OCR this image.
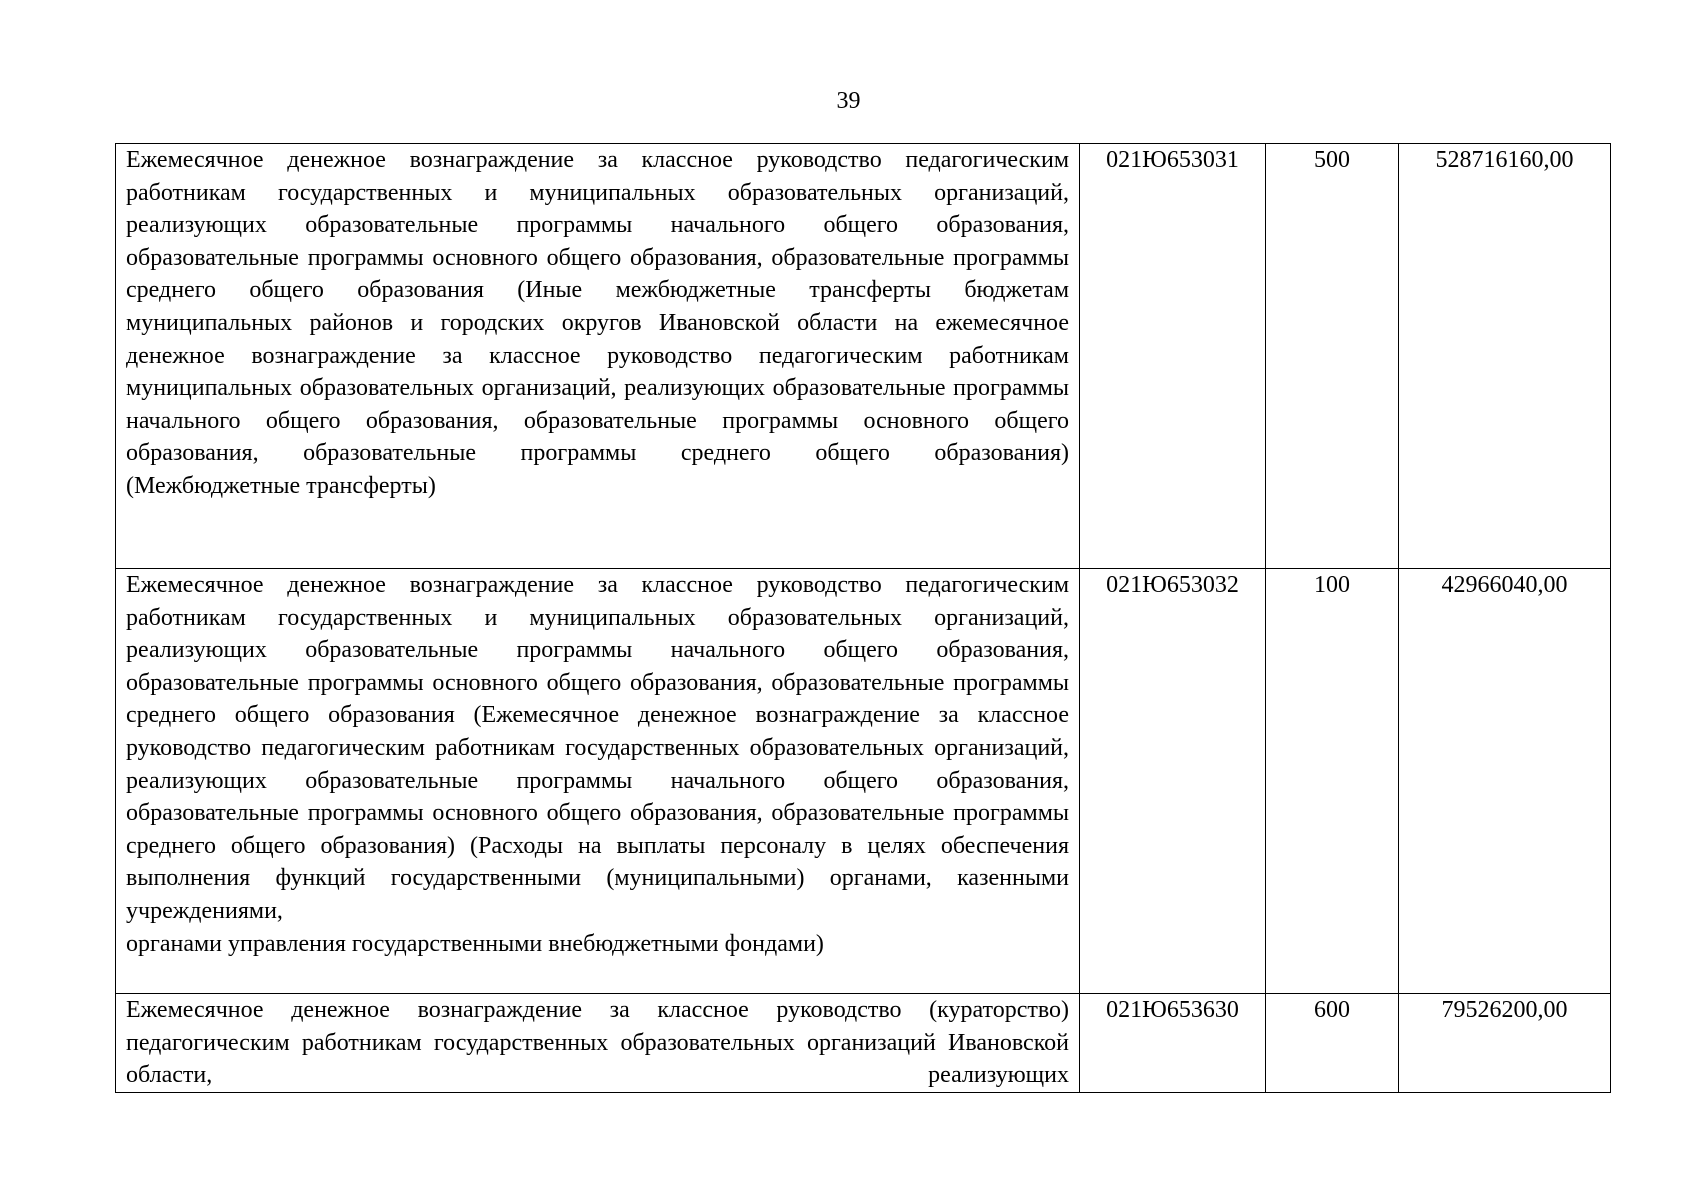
39
Ежемесячное денежное вознаграждение за классное руководство педагогическим работникам государственных и муниципальных образовательных организаций, реализующих образовательные программы начального общего образования, образовательные программы основного общего образования, образовательные программы среднего общего образования (Иные межбюджетные трансферты бюджетам муниципальных районов и городских округов Ивановской области на ежемесячное денежное вознаграждение за классное руководство педагогическим работникам муниципальных образовательных организаций, реализующих образовательные программы начального общего образования, образовательные программы основного общего образования, образовательные программы среднего общего образования)
(Межбюджетные трансферты)	021Ю653031	500	528716160,00
Ежемесячное денежное вознаграждение за классное руководство педагогическим работникам государственных и муниципальных образовательных организаций, реализующих образовательные программы начального общего образования, образовательные программы основного общего образования, образовательные программы среднего общего образования (Ежемесячное денежное вознаграждение за классное руководство педагогическим работникам государственных образовательных организаций, реализующих образовательные программы начального общего образования, образовательные программы основного общего образования, образовательные программы среднего общего образования) (Расходы на выплаты персоналу в целях обеспечения выполнения функций государственными (муниципальными) органами, казенными учреждениями,
органами управления государственными внебюджетными фондами)	021Ю653032	100	42966040,00
Ежемесячное денежное вознаграждение за классное руководство (кураторство) педагогическим работникам государственных образовательных организаций Ивановской области, реализующих	021Ю653630	600	79526200,00
